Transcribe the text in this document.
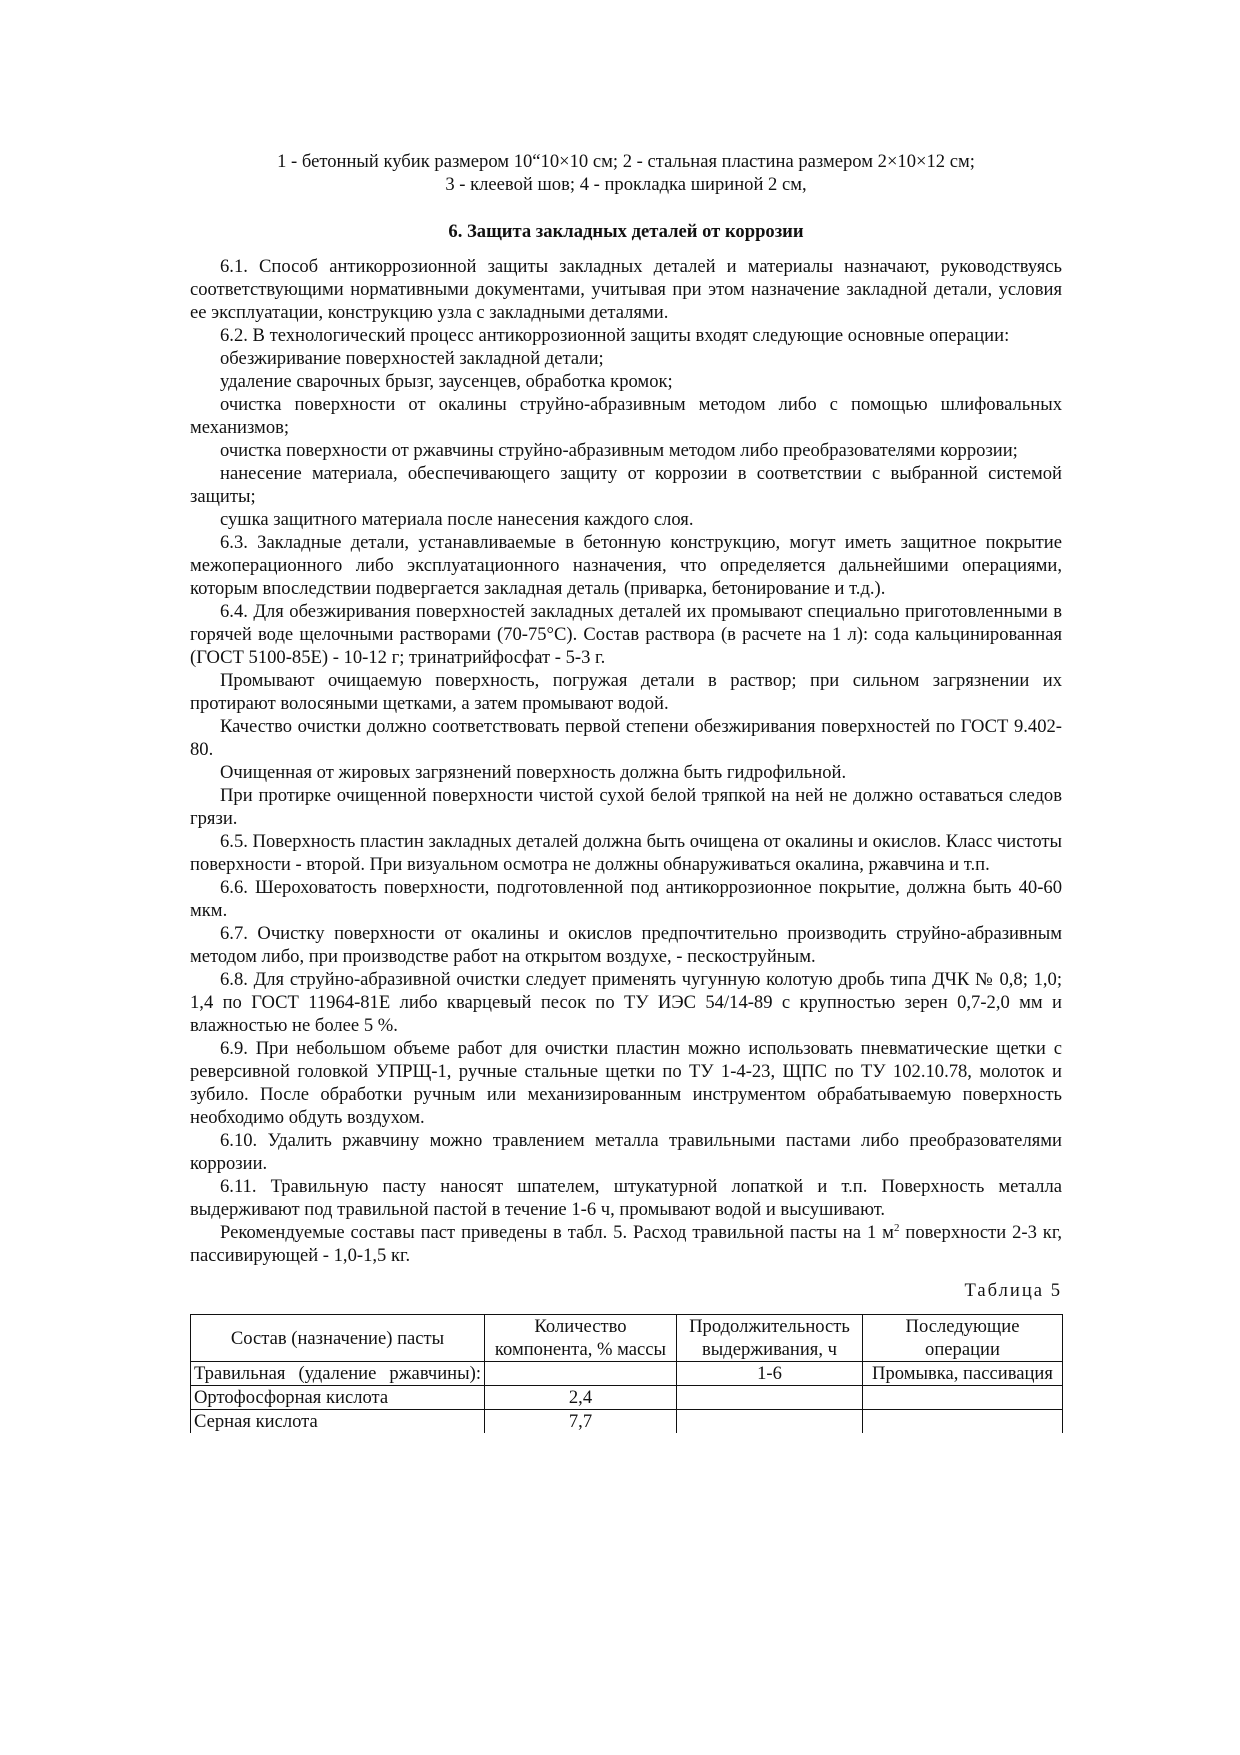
1 - бетонный кубик размером 10“10×10 см; 2 - стальная пластина размером 2×10×12 см;
3 - клеевой шов; 4 - прокладка шириной 2 см,
6. Защита закладных деталей от коррозии

6.1. Способ антикоррозионной защиты закладных деталей и материалы назначают, руководствуясь соответствующими нормативными документами, учитывая при этом назначение закладной детали, условия ее эксплуатации, конструкцию узла с закладными деталями.

6.2. В технологический процесс антикоррозионной защиты входят следующие основные операции:

обезжиривание поверхностей закладной детали;

удаление сварочных брызг, заусенцев, обработка кромок;

очистка поверхности от окалины струйно-абразивным методом либо с помощью шлифовальных механизмов;

очистка поверхности от ржавчины струйно-абразивным методом либо преобразователями коррозии;

нанесение материала, обеспечивающего защиту от коррозии в соответствии с выбранной системой защиты;

сушка защитного материала после нанесения каждого слоя.

6.3. Закладные детали, устанавливаемые в бетонную конструкцию, могут иметь защитное покрытие межоперационного либо эксплуатационного назначения, что определяется дальнейшими операциями, которым впоследствии подвергается закладная деталь (приварка, бетонирование и т.д.).

6.4. Для обезжиривания поверхностей закладных деталей их промывают специально приготовленными в горячей воде щелочными растворами (70-75°С). Состав раствора (в расчете на 1 л): сода кальцинированная (ГОСТ 5100-85Е) - 10-12 г; тринатрийфосфат - 5-3 г.

Промывают очищаемую поверхность, погружая детали в раствор; при сильном загрязнении их протирают волосяными щетками, а затем промывают водой.

Качество очистки должно соответствовать первой степени обезжиривания поверхностей по ГОСТ 9.402-80.

Очищенная от жировых загрязнений поверхность должна быть гидрофильной.

При протирке очищенной поверхности чистой сухой белой тряпкой на ней не должно оставаться следов грязи.

6.5. Поверхность пластин закладных деталей должна быть очищена от окалины и окислов. Класс чистоты поверхности - второй. При визуальном осмотра не должны обнаруживаться окалина, ржавчина и т.п.

6.6. Шероховатость поверхности, подготовленной под антикоррозионное покрытие, должна быть 40-60 мкм.

6.7. Очистку поверхности от окалины и окислов предпочтительно производить струйно-абразивным методом либо, при производстве работ на открытом воздухе, - пескоструйным.

6.8. Для струйно-абразивной очистки следует применять чугунную колотую дробь типа ДЧК № 0,8; 1,0; 1,4 по ГОСТ 11964-81Е либо кварцевый песок по ТУ ИЭС 54/14-89 с крупностью зерен 0,7-2,0 мм и влажностью не более 5 %.

6.9. При небольшом объеме работ для очистки пластин можно использовать пневматические щетки с реверсивной головкой УПРЩ-1, ручные стальные щетки по ТУ 1-4-23, ЩПС по ТУ 102.10.78, молоток и зубило. После обработки ручным или механизированным инструментом обрабатываемую поверхность необходимо обдуть воздухом.

6.10. Удалить ржавчину можно травлением металла травильными пастами либо преобразователями коррозии.

6.11. Травильную пасту наносят шпателем, штукатурной лопаткой и т.п. Поверхность металла выдерживают под травильной пастой в течение 1-6 ч, промывают водой и высушивают.

Рекомендуемые составы паст приведены в табл. 5. Расход травильной пасты на 1 $м^2$ поверхности 2-3 кг, пассивирующей - 1,0-1,5 кг.

Таблица 5
Состав (назначение) пасты	Количество компонента, % массы	Продолжительность выдерживания, ч	Последующие операции
Травильная (удаление ржавчины):		1-6	Промывка, пассивация
Ортофосфорная кислота	2,4		
Серная кислота	7,7		
